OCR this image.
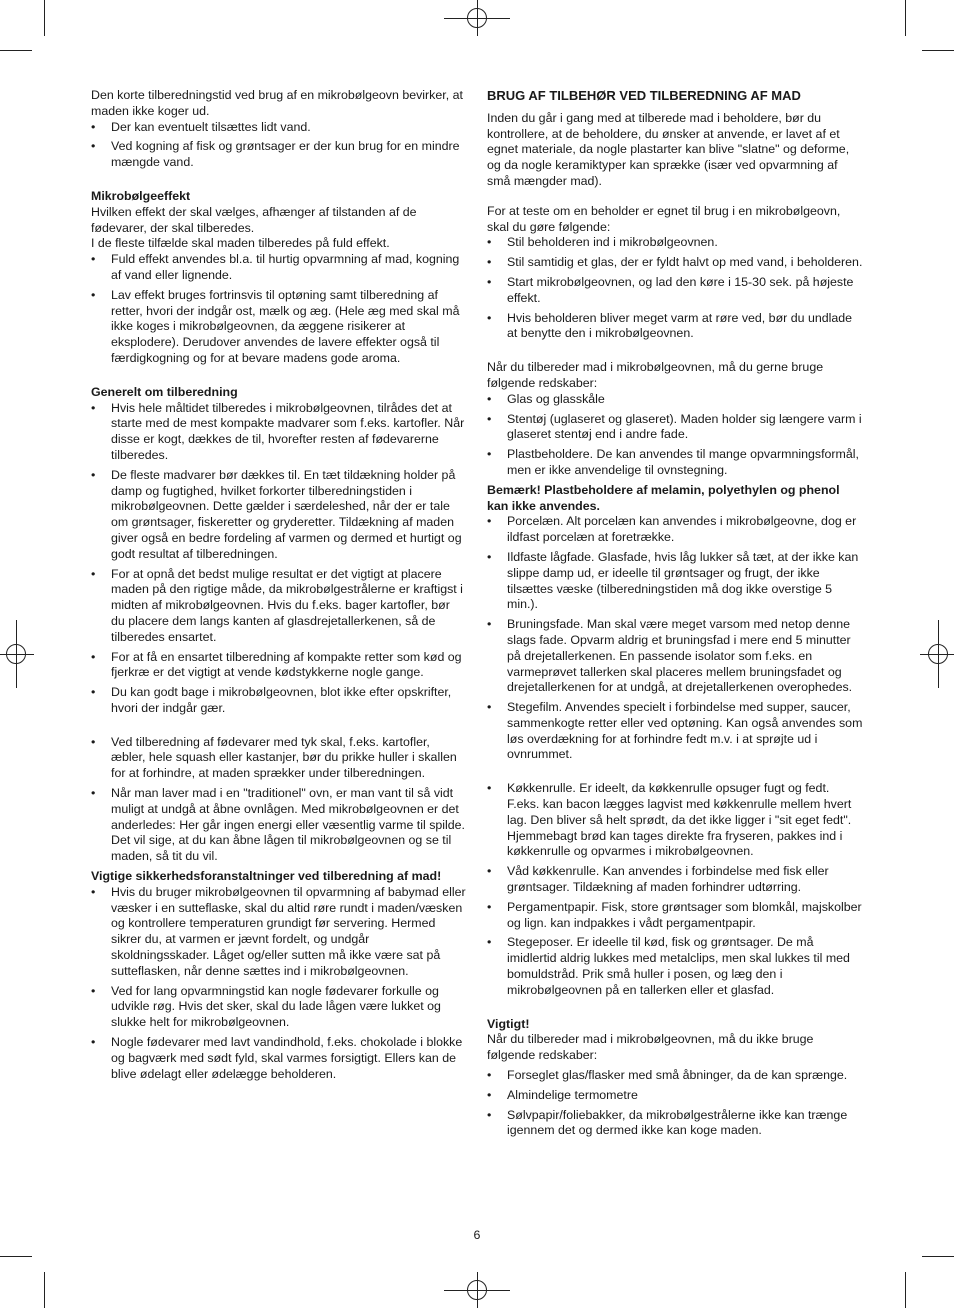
Den korte tilberedningstid ved brug af en mikrobølgeovn bevirker, at maden ikke koger ud.

• Der kan eventuelt tilsættes lidt vand.
• Ved kogning af fisk og grøntsager er der kun brug for en mindre mængde vand.

Mikrobølgeeffekt

Hvilken effekt der skal vælges, afhænger af tilstanden af de fødevarer, der skal tilberedes.

I de fleste tilfælde skal maden tilberedes på fuld effekt.

• Fuld effekt anvendes bl.a. til hurtig opvarmning af mad, kogning af vand eller lignende.
• Lav effekt bruges fortrinsvis til optøning samt tilberedning af retter, hvori der indgår ost, mælk og æg. (Hele æg med skal må ikke koges i mikrobølgeovnen, da æggene risikerer at eksplodere). Derudover anvendes de lavere effekter også til færdigkogning og for at bevare madens gode aroma.

Generelt om tilberedning

• Hvis hele måltidet tilberedes i mikrobølgeovnen, tilrådes det at starte med de mest kompakte madvarer som f.eks. kartofler. Når disse er kogt, dækkes de til, hvorefter resten af fødevarerne tilberedes.
• De fleste madvarer bør dækkes til. En tæt tildækning holder på damp og fugtighed, hvilket forkorter tilberedningstiden i mikrobølgeovnen. Dette gælder i særdeleshed, når der er tale om grøntsager, fiskeretter og gryderetter. Tildækning af maden giver også en bedre fordeling af varmen og dermed et hurtigt og godt resultat af tilberedningen.
• For at opnå det bedst mulige resultat er det vigtigt at placere maden på den rigtige måde, da mikrobølgestrålerne er kraftigst i midten af mikrobølgeovnen. Hvis du f.eks. bager kartofler, bør du placere dem langs kanten af glasdrejetallerkenen, så de tilberedes ensartet.
• For at få en ensartet tilberedning af kompakte retter som kød og fjerkræ er det vigtigt at vende kødstykkerne nogle gange.
• Du kan godt bage i mikrobølgeovnen, blot ikke efter opskrifter, hvori der indgår gær.
• Ved tilberedning af fødevarer med tyk skal, f.eks. kartofler, æbler, hele squash eller kastanjer, bør du prikke huller i skallen for at forhindre, at maden sprækker under tilberedningen.
• Når man laver mad i en "traditionel" ovn, er man vant til så vidt muligt at undgå at åbne ovnlågen. Med mikrobølgeovnen er det anderledes: Her går ingen energi eller væsentlig varme til spilde. Det vil sige, at du kan åbne lågen til mikrobølgeovnen og se til maden, så tit du vil.

Vigtige sikkerhedsforanstaltninger ved tilberedning af mad!

• Hvis du bruger mikrobølgeovnen til opvarmning af babymad eller væsker i en sutteflaske, skal du altid røre rundt i maden/væsken og kontrollere temperaturen grundigt før servering. Hermed sikrer du, at varmen er jævnt fordelt, og undgår skoldningsskader. Låget og/eller sutten må ikke være sat på sutteflasken, når denne sættes ind i mikrobølgeovnen.
• Ved for lang opvarmningstid kan nogle fødevarer forkulle og udvikle røg. Hvis det sker, skal du lade lågen være lukket og slukke helt for mikrobølgeovnen.
• Nogle fødevarer med lavt vandindhold, f.eks. chokolade i blokke og bagværk med sødt fyld, skal varmes forsigtigt. Ellers kan de blive ødelagt eller ødelægge beholderen.

BRUG AF TILBEHØR VED TILBEREDNING AF MAD

Inden du går i gang med at tilberede mad i beholdere, bør du kontrollere, at de beholdere, du ønsker at anvende, er lavet af et egnet materiale, da nogle plastarter kan blive "slatne" og deforme, og da nogle keramiktyper kan sprække (især ved opvarmning af små mængder mad).

For at teste om en beholder er egnet til brug i en mikrobølgeovn, skal du gøre følgende:

• Stil beholderen ind i mikrobølgeovnen.
• Stil samtidig et glas, der er fyldt halvt op med vand, i beholderen.
• Start mikrobølgeovnen, og lad den køre i 15-30 sek. på højeste effekt.
• Hvis beholderen bliver meget varm at røre ved, bør du undlade at benytte den i mikrobølgeovnen.

Når du tilbereder mad i mikrobølgeovnen, må du gerne bruge følgende redskaber:

• Glas og glasskåle
• Stentøj (uglaseret og glaseret). Maden holder sig længere varm i glaseret stentøj end i andre fade.
• Plastbeholdere. De kan anvendes til mange opvarmningsformål, men er ikke anvendelige til ovnstegning.

Bemærk! Plastbeholdere af melamin, polyethylen og phenol kan ikke anvendes.

• Porcelæn. Alt porcelæn kan anvendes i mikrobølgeovne, dog er ildfast porcelæn at foretrække.
• Ildfaste lågfade. Glasfade, hvis låg lukker så tæt, at der ikke kan slippe damp ud, er ideelle til grøntsager og frugt, der ikke tilsættes væske (tilberedningstiden må dog ikke overstige 5 min.).
• Bruningsfade. Man skal være meget varsom med netop denne slags fade. Opvarm aldrig et bruningsfad i mere end 5 minutter på drejetallerkenen. En passende isolator som f.eks. en varmeprøvet tallerken skal placeres mellem bruningsfadet og drejetallerkenen for at undgå, at drejetallerkenen overophedes.
• Stegefilm. Anvendes specielt i forbindelse med supper, saucer, sammenkogte retter eller ved optøning. Kan også anvendes som løs overdækning for at forhindre fedt m.v. i at sprøjte ud i ovnrummet.
• Køkkenrulle. Er ideelt, da køkkenrulle opsuger fugt og fedt. F.eks. kan bacon lægges lagvist med køkkenrulle mellem hvert lag. Den bliver så helt sprødt, da det ikke ligger i "sit eget fedt". Hjemmebagt brød kan tages direkte fra fryseren, pakkes ind i køkkenrulle og opvarmes i mikrobølgeovnen.
• Våd køkkenrulle. Kan anvendes i forbindelse med fisk eller grøntsager. Tildækning af maden forhindrer udtørring.
• Pergamentpapir. Fisk, store grøntsager som blomkål, majskolber og lign. kan indpakkes i vådt pergamentpapir.
• Stegeposer. Er ideelle til kød, fisk og grøntsager. De må imidlertid aldrig lukkes med metalclips, men skal lukkes til med bomuldstråd. Prik små huller i posen, og læg den i mikrobølgeovnen på en tallerken eller et glasfad.

Vigtigt!

Når du tilbereder mad i mikrobølgeovnen, må du ikke bruge følgende redskaber:

• Forseglet glas/flasker med små åbninger, da de kan sprænge.
• Almindelige termometre
• Sølvpapir/foliebakker, da mikrobølgestrålerne ikke kan trænge igennem det og dermed ikke kan koge maden.
6
